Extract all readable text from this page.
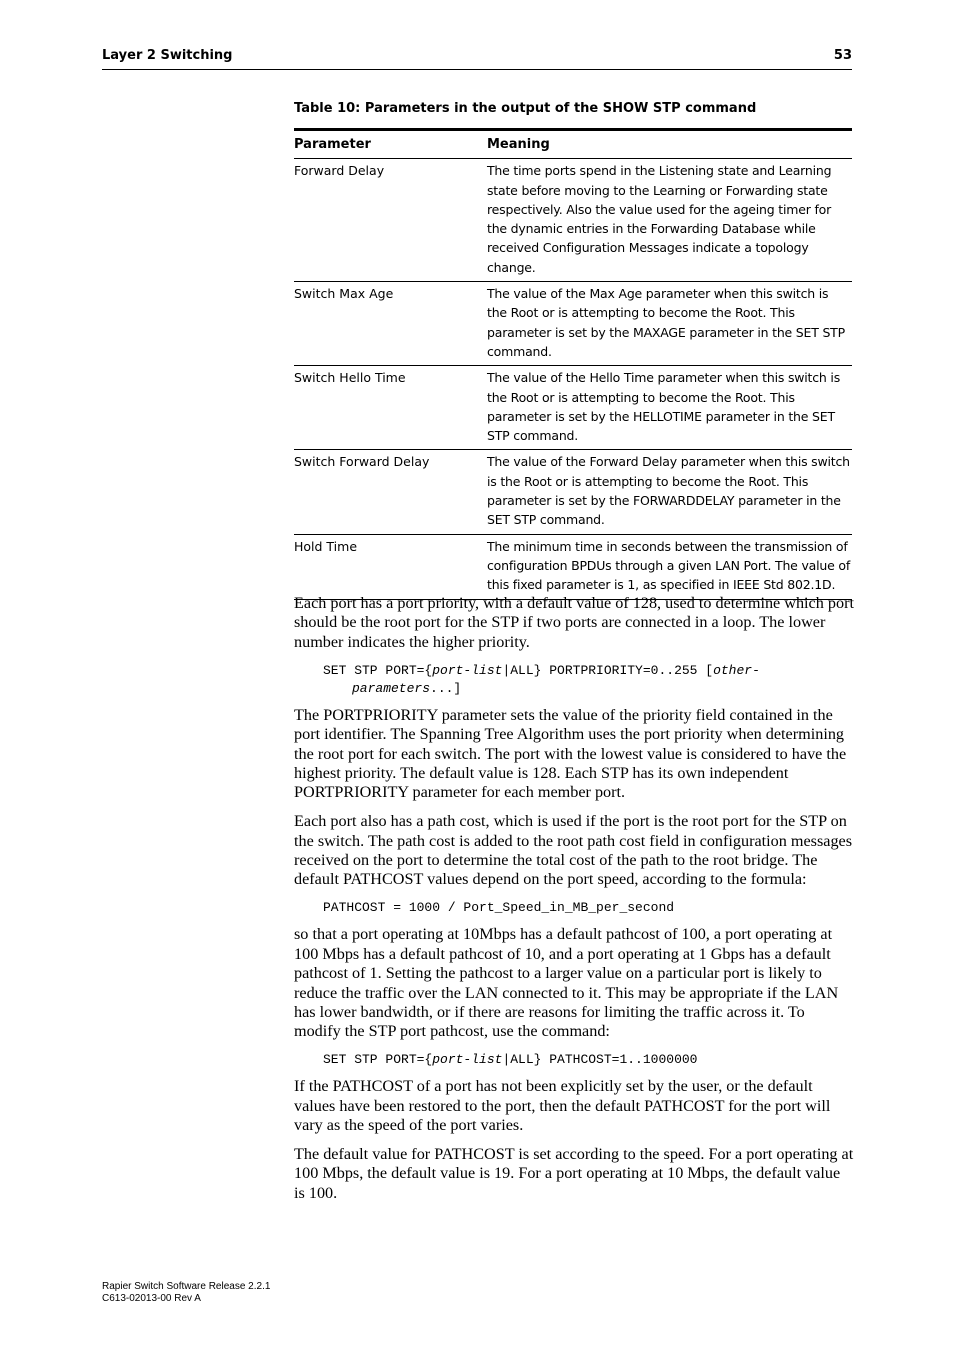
Layer 2 Switching	53
Table 10: Parameters in the output of the SHOW STP command
Parameter	Meaning
Forward Delay	The time ports spend in the Listening state and Learning state before moving to the Learning or Forwarding state respectively. Also the value used for the ageing timer for the dynamic entries in the Forwarding Database while received Configuration Messages indicate a topology change.
Switch Max Age	The value of the Max Age parameter when this switch is the Root or is attempting to become the Root. This parameter is set by the MAXAGE parameter in the SET STP command.
Switch Hello Time	The value of the Hello Time parameter when this switch is the Root or is attempting to become the Root. This parameter is set by the HELLOTIME parameter in the SET STP command.
Switch Forward Delay	The value of the Forward Delay parameter when this switch is the Root or is attempting to become the Root. This parameter is set by the FORWARDDELAY parameter in the SET STP command.
Hold Time	The minimum time in seconds between the transmission of configuration BPDUs through a given LAN Port. The value of this fixed parameter is 1, as specified in IEEE Std 802.1D.

Each port has a port priority, with a default value of 128, used to determine which port should be the root port for the STP if two ports are connected in a loop. The lower number indicates the higher priority.

SET STP PORT={port-list|ALL} PORTPRIORITY=0..255 [other-
parameters...]

The PORTPRIORITY parameter sets the value of the priority field contained in the port identifier. The Spanning Tree Algorithm uses the port priority when determining the root port for each switch. The port with the lowest value is considered to have the highest priority. The default value is 128. Each STP has its own independent PORTPRIORITY parameter for each member port.

Each port also has a path cost, which is used if the port is the root port for the STP on the switch. The path cost is added to the root path cost field in configuration messages received on the port to determine the total cost of the path to the root bridge. The default PATHCOST values depend on the port speed, according to the formula:

PATHCOST = 1000 / Port_Speed_in_MB_per_second

so that a port operating at 10Mbps has a default pathcost of 100, a port operating at 100 Mbps has a default pathcost of 10, and a port operating at 1 Gbps has a default pathcost of 1. Setting the pathcost to a larger value on a particular port is likely to reduce the traffic over the LAN connected to it. This may be appropriate if the LAN has lower bandwidth, or if there are reasons for limiting the traffic across it. To modify the STP port pathcost, use the command:

SET STP PORT={port-list|ALL} PATHCOST=1..1000000

If the PATHCOST of a port has not been explicitly set by the user, or the default values have been restored to the port, then the default PATHCOST for the port will vary as the speed of the port varies.

The default value for PATHCOST is set according to the speed. For a port operating at 100 Mbps, the default value is 19. For a port operating at 10 Mbps, the default value is 100.

Rapier Switch Software Release 2.2.1
C613-02013-00 Rev A
